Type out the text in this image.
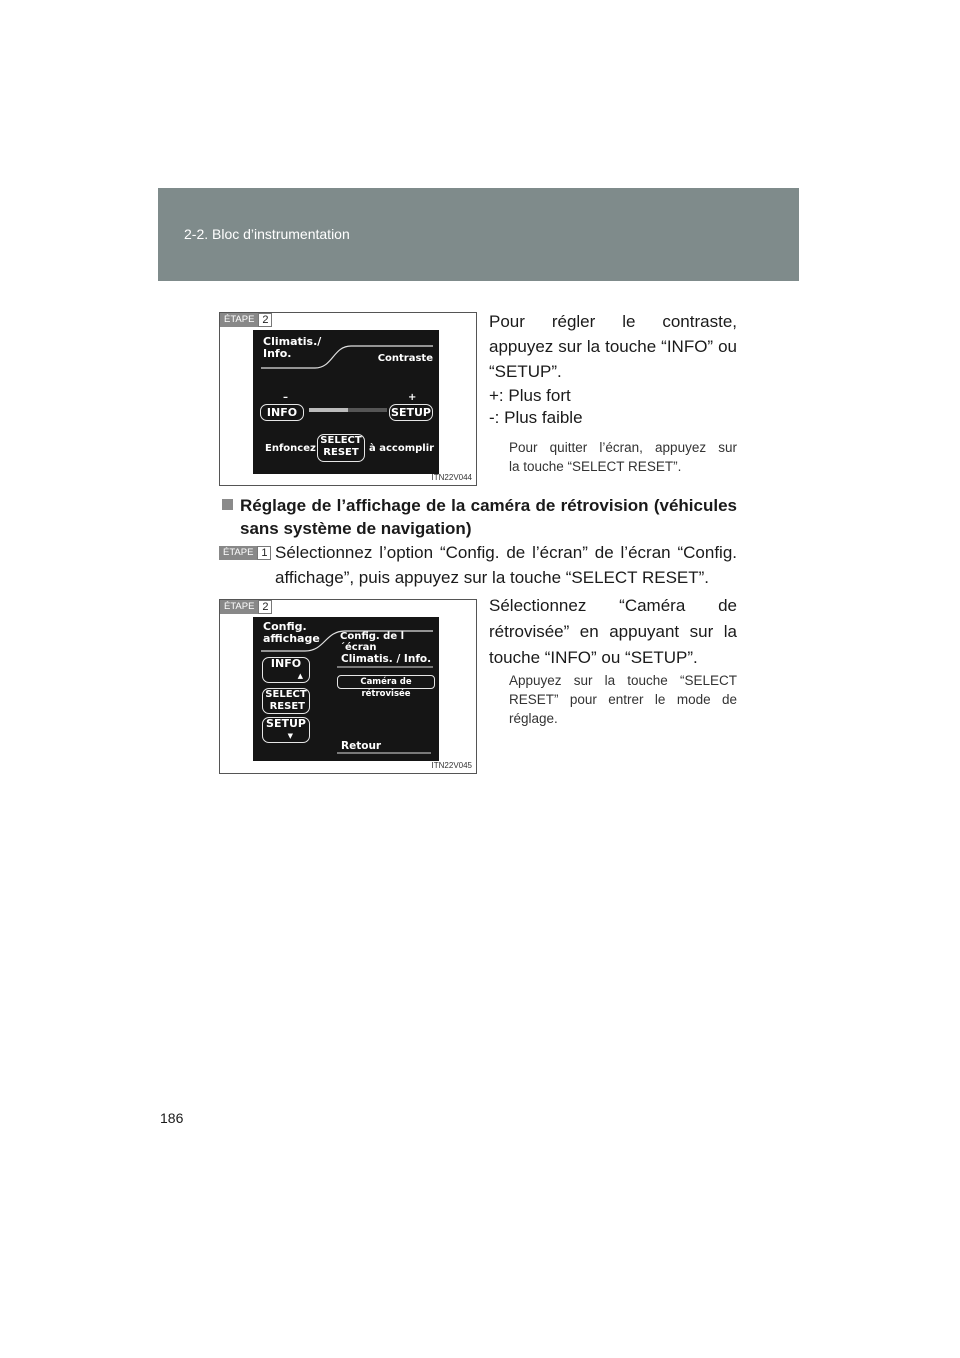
2-2. Bloc d’instrumentation
ÉTAPE 2
Climatis./
Info.	Contraste
–
INFO
+
SETUP
Enfoncez
SELECT
RESET	à accomplir
ITN22V044
Pour régler le contraste,
appuyez sur la touche “INFO” ou
“SETUP”.
+: Plus fort
-: Plus faible
Pour quitter l’écran, appuyez sur
la touche “SELECT RESET”.
Réglage de l’affichage de la caméra de rétrovision (véhicules
sans système de navigation)
ÉTAPE 1 Sélectionnez l’option “Config. de l’écran” de l’écran “Config.
affichage”, puis appuyez sur la touche “SELECT RESET”.
ÉTAPE 2
Config.
affichage Config. de l´écran
Climatis. / Info.
Caméra de rétrovisée
Retour
INFO
▲
SELECT
RESET
SETUP
▼
ITN22V045
Sélectionnez “Caméra de
rétrovisée” en appuyant sur la
touche “INFO” ou “SETUP”.
Appuyez sur la touche “SELECT
RESET” pour entrer le mode de
réglage.
186
